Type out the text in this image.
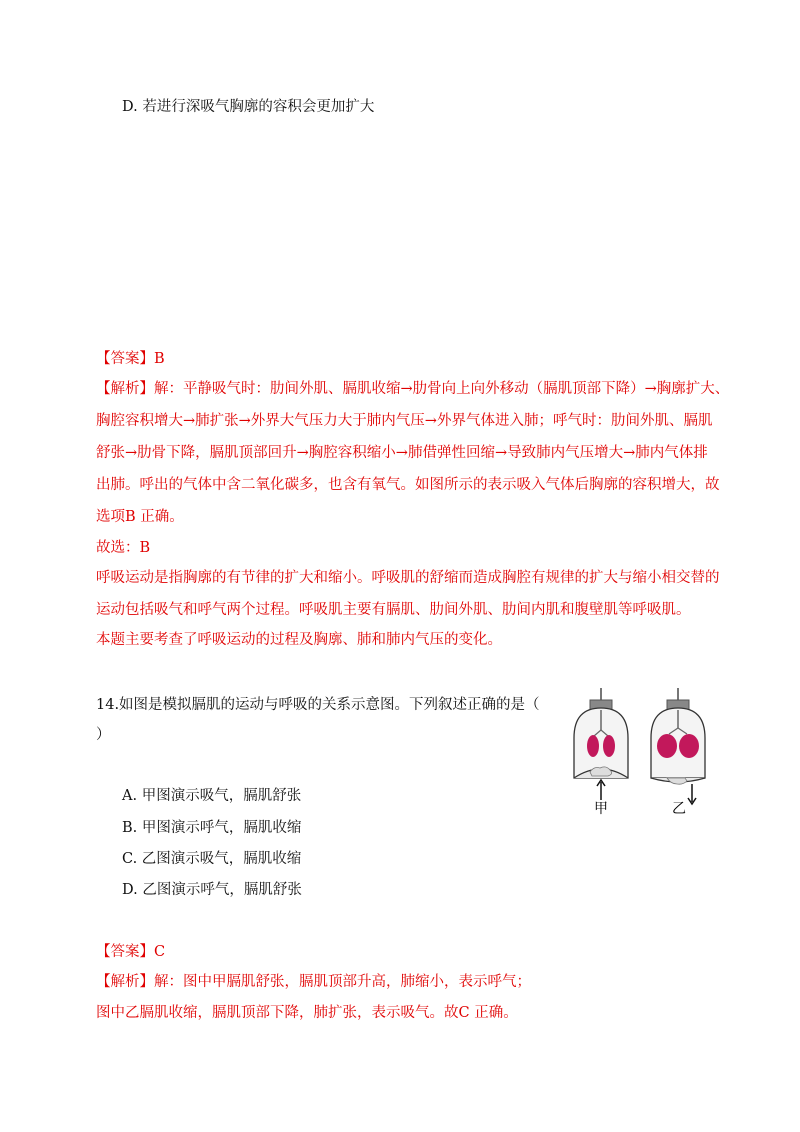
D. 若进行深吸气胸廓的容积会更加扩大
【答案】B
【解析】解：平静吸气时：肋间外肌、膈肌收缩→肋骨向上向外移动（膈肌顶部下降）→胸廓扩大、
胸腔容积增大→肺扩张→外界大气压力大于肺内气压→外界气体进入肺；呼气时：肋间外肌、膈肌
舒张→肋骨下降，膈肌顶部回升→胸腔容积缩小→肺借弹性回缩→导致肺内气压增大→肺内气体排
出肺。呼出的气体中含二氧化碳多，也含有氧气。如图所示的表示吸入气体后胸廓的容积增大，故
选项B 正确。
故选：B
呼吸运动是指胸廓的有节律的扩大和缩小。呼吸肌的舒缩而造成胸腔有规律的扩大与缩小相交替的
运动包括吸气和呼气两个过程。呼吸肌主要有膈肌、肋间外肌、肋间内肌和腹壁肌等呼吸肌。
本题主要考查了呼吸运动的过程及胸廓、肺和肺内气压的变化。
14.如图是模拟膈肌的运动与呼吸的关系示意图。下列叙述正确的是（
）
A. 甲图演示吸气，膈肌舒张
B. 甲图演示呼气，膈肌收缩
C. 乙图演示吸气，膈肌收缩
D. 乙图演示呼气，膈肌舒张
甲	乙
【答案】C
【解析】解：图中甲膈肌舒张，膈肌顶部升高，肺缩小，表示呼气；
图中乙膈肌收缩，膈肌顶部下降，肺扩张，表示吸气。故C 正确。
